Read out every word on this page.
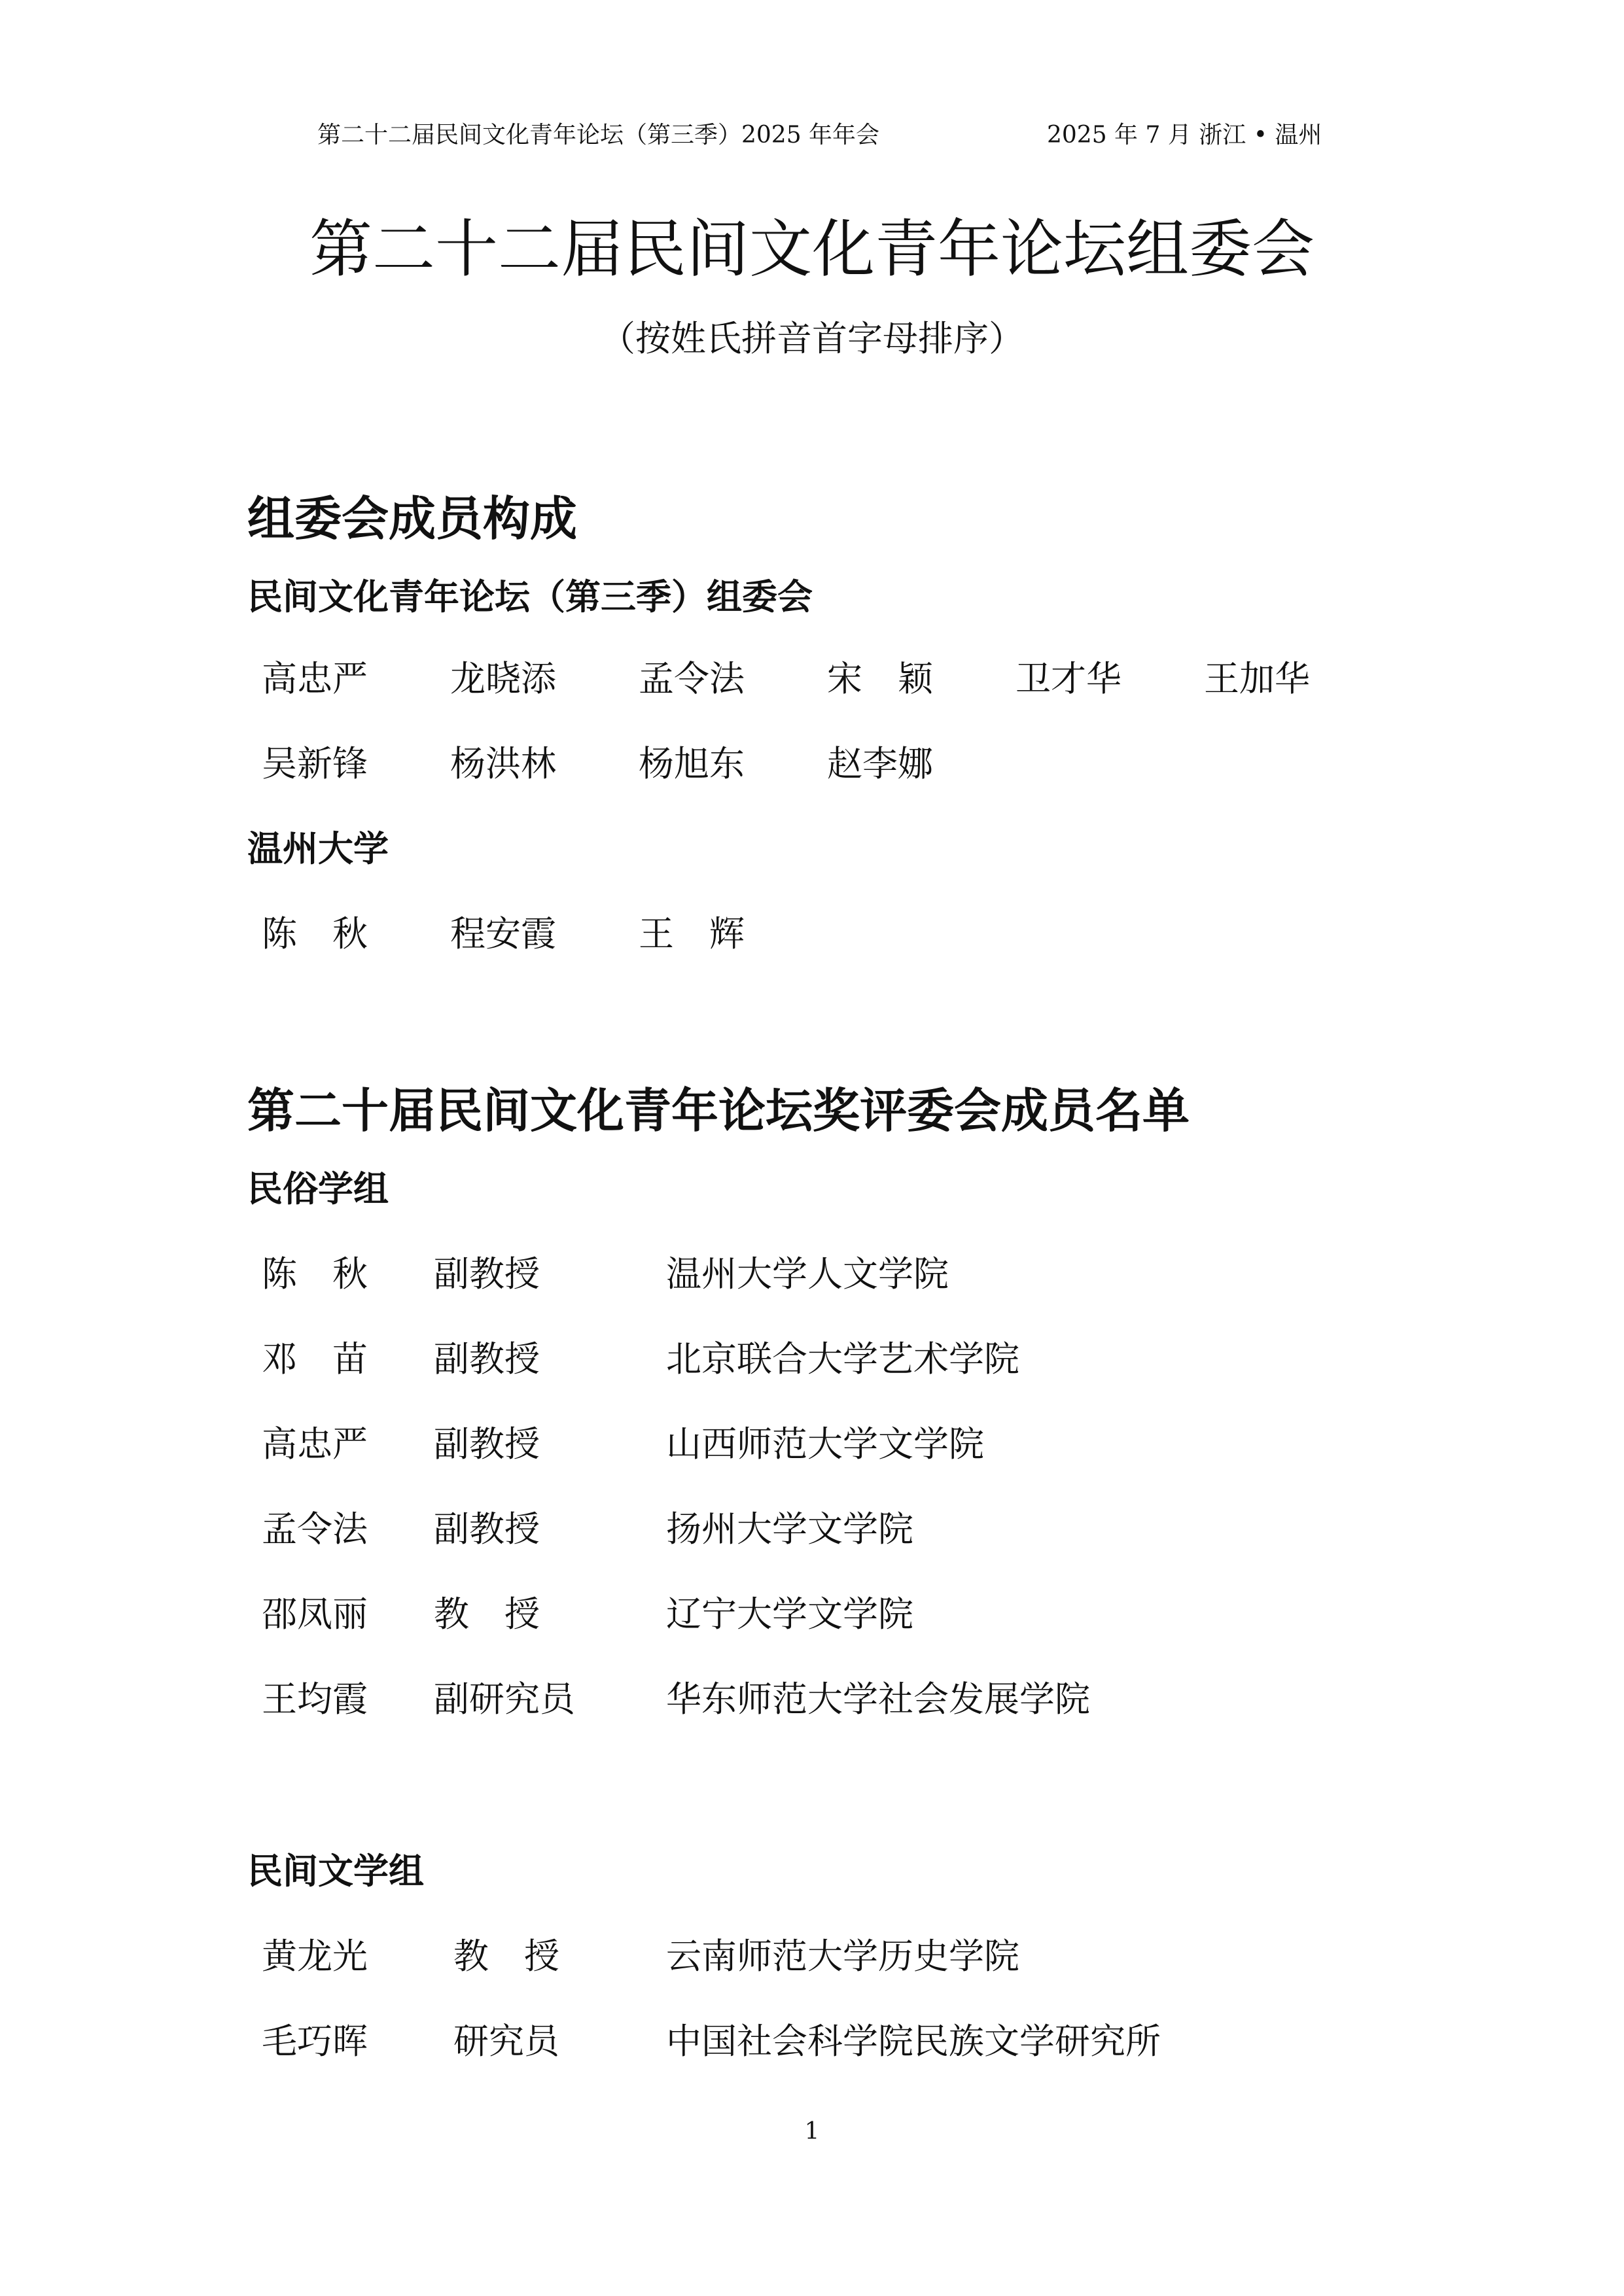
第二十二届民间文化青年论坛（第三季）2025 年年会	2025 年 7 月 浙江 • 温州
第二十二届民间文化青年论坛组委会
（按姓氏拼音首字母排序）
组委会成员构成
民间文化青年论坛（第三季）组委会
高忠严 龙晓添 孟令法 宋　颖 卫才华 王加华
吴新锋 杨洪林 杨旭东 赵李娜
温州大学
陈　秋 程安霞 王　辉
第二十届民间文化青年论坛奖评委会成员名单
民俗学组
陈　秋 副教授	温州大学人文学院
邓　苗 副教授	北京联合大学艺术学院
高忠严 副教授	山西师范大学文学院
孟令法 副教授	扬州大学文学院
邵凤丽 教　授	辽宁大学文学院
王均霞 副研究员	华东师范大学社会发展学院
民间文学组
黄龙光 教　授	云南师范大学历史学院
毛巧晖 研究员	中国社会科学院民族文学研究所
1
